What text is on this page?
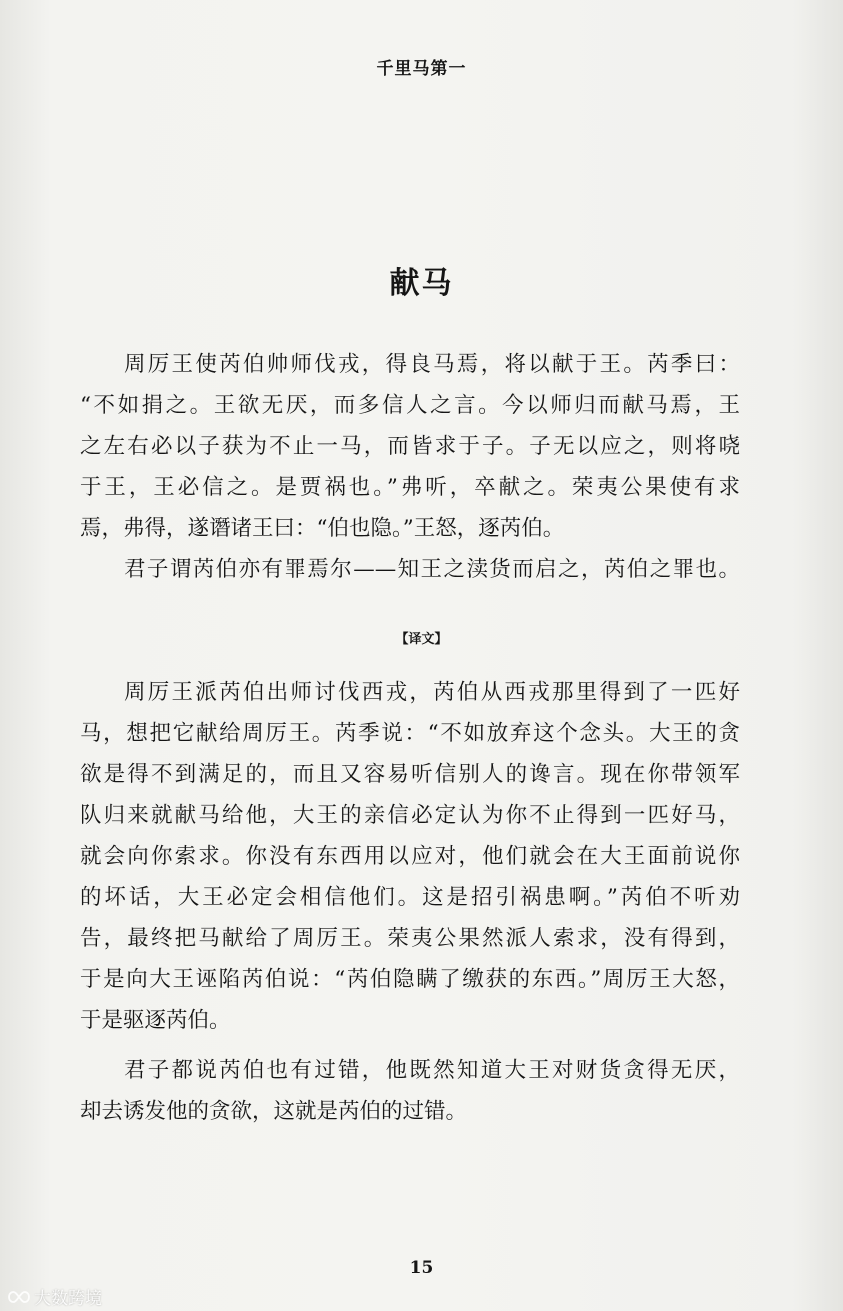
千里马第一
献马
周厉王使芮伯帅师伐戎，得良马焉，将以献于王。芮季曰：
“不如捐之。王欲无厌，而多信人之言。今以师归而献马焉，王
之左右必以子获为不止一马，而皆求于子。子无以应之，则将哓
于王，王必信之。是贾祸也。”弗听，卒献之。荣夷公果使有求
焉，弗得，遂谮诸王曰：“伯也隐。”王怒，逐芮伯。
君子谓芮伯亦有罪焉尔——知王之渎货而启之，芮伯之罪也。
【译文】
周厉王派芮伯出师讨伐西戎，芮伯从西戎那里得到了一匹好
马，想把它献给周厉王。芮季说：“不如放弃这个念头。大王的贪
欲是得不到满足的，而且又容易听信别人的谗言。现在你带领军
队归来就献马给他，大王的亲信必定认为你不止得到一匹好马，
就会向你索求。你没有东西用以应对，他们就会在大王面前说你
的坏话，大王必定会相信他们。这是招引祸患啊。”芮伯不听劝
告，最终把马献给了周厉王。荣夷公果然派人索求，没有得到，
于是向大王诬陷芮伯说：“芮伯隐瞒了缴获的东西。”周厉王大怒，
于是驱逐芮伯。
君子都说芮伯也有过错，他既然知道大王对财货贪得无厌，
却去诱发他的贪欲，这就是芮伯的过错。
15
大数跨境
